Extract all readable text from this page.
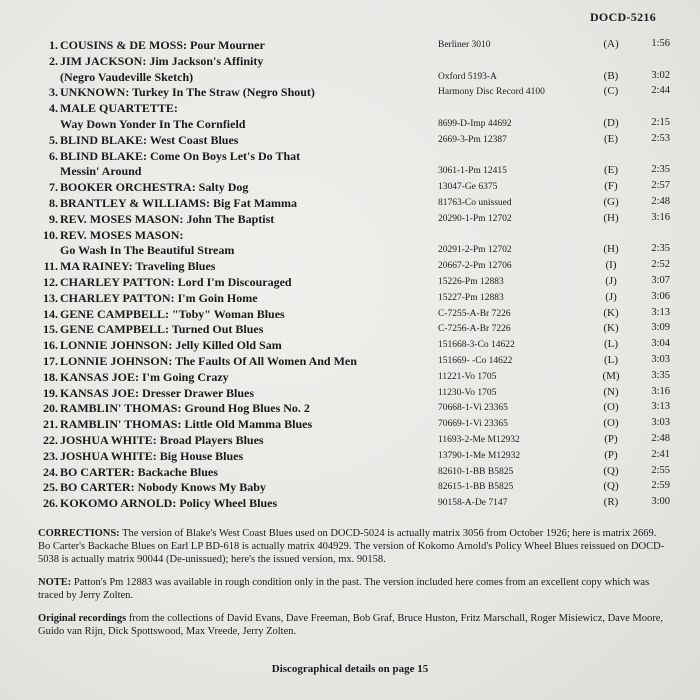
DOCD-5216
1. COUSINS & DE MOSS: Pour Mourner	Berliner 3010	(A)	1:56
2. JIM JACKSON: Jim Jackson's Affinity
(Negro Vaudeville Sketch)	Oxford 5193-A	(B)	3:02
3. UNKNOWN: Turkey In The Straw (Negro Shout)	Harmony Disc Record 4100	(C)	2:44
4. MALE QUARTETTE:
Way Down Yonder In The Cornfield	8699-D-Imp 44692	(D)	2:15
5. BLIND BLAKE: West Coast Blues	2669-3-Pm 12387	(E)	2:53
6. BLIND BLAKE: Come On Boys Let's Do That
Messin' Around	3061-1-Pm 12415	(E)	2:35
7. BOOKER ORCHESTRA: Salty Dog	13047-Ge 6375	(F)	2:57
8. BRANTLEY & WILLIAMS: Big Fat Mamma	81763-Co unissued	(G)	2:48
9. REV. MOSES MASON: John The Baptist	20290-1-Pm 12702	(H)	3:16
10. REV. MOSES MASON:
Go Wash In The Beautiful Stream	20291-2-Pm 12702	(H)	2:35
11. MA RAINEY: Traveling Blues	20667-2-Pm 12706	(I)	2:52
12. CHARLEY PATTON: Lord I'm Discouraged	15226-Pm 12883	(J)	3:07
13. CHARLEY PATTON: I'm Goin Home	15227-Pm 12883	(J)	3:06
14. GENE CAMPBELL: "Toby" Woman Blues	C-7255-A-Br 7226	(K)	3:13
15. GENE CAMPBELL: Turned Out Blues	C-7256-A-Br 7226	(K)	3:09
16. LONNIE JOHNSON: Jelly Killed Old Sam	151668-3-Co 14622	(L)	3:04
17. LONNIE JOHNSON: The Faults Of All Women And Men	151669- -Co 14622	(L)	3:03
18. KANSAS JOE: I'm Going Crazy	11221-Vo 1705	(M)	3:35
19. KANSAS JOE: Dresser Drawer Blues	11230-Vo 1705	(N)	3:16
20. RAMBLIN' THOMAS: Ground Hog Blues No. 2	70668-1-Vi 23365	(O)	3:13
21. RAMBLIN' THOMAS: Little Old Mamma Blues	70669-1-Vi 23365	(O)	3:03
22. JOSHUA WHITE: Broad Players Blues	11693-2-Me M12932	(P)	2:48
23. JOSHUA WHITE: Big House Blues	13790-1-Me M12932	(P)	2:41
24. BO CARTER: Backache Blues	82610-1-BB B5825	(Q)	2:55
25. BO CARTER: Nobody Knows My Baby	82615-1-BB B5825	(Q)	2:59
26. KOKOMO ARNOLD: Policy Wheel Blues	90158-A-De 7147	(R)	3:00

CORRECTIONS: The version of Blake's West Coast Blues used on DOCD-5024 is actually matrix 3056 from October 1926; here is matrix 2669. Bo Carter's Backache Blues on Earl LP BD-618 is actually matrix 404929. The version of Kokomo Arnold's Policy Wheel Blues reissued on DOCD-5038 is actually matrix 90044 (De-unissued); here's the issued version, mx. 90158.

NOTE: Patton's Pm 12883 was available in rough condition only in the past. The version included here comes from an excellent copy which was traced by Jerry Zolten.

Original recordings from the collections of David Evans, Dave Freeman, Bob Graf, Bruce Huston, Fritz Marschall, Roger Misiewicz, Dave Moore, Guido van Rijn, Dick Spottswood, Max Vreede, Jerry Zolten.

Discographical details on page 15
